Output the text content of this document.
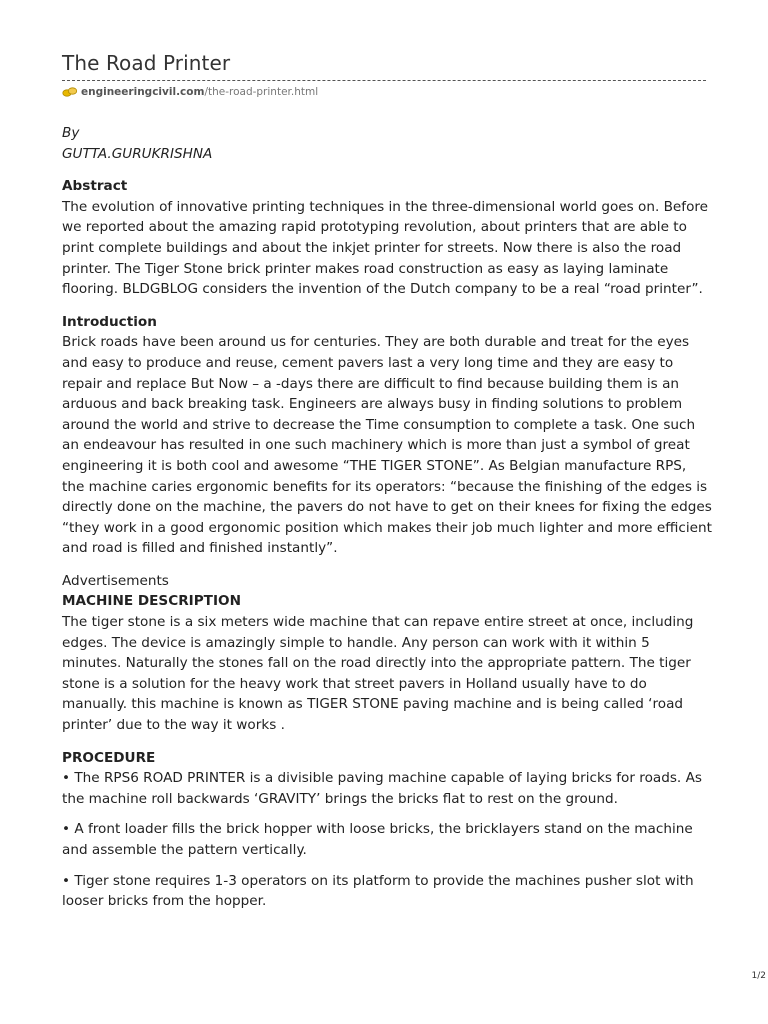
The Road Printer
engineeringcivil.com /the-road-printer.html

By

GUTTA.GURUKRISHNA

Abstract

The evolution of innovative printing techniques in the three-dimensional world goes on. Before we reported about the amazing rapid prototyping revolution, about printers that are able to print complete buildings and about the inkjet printer for streets. Now there is also the road printer. The Tiger Stone brick printer makes road construction as easy as laying laminate flooring. BLDGBLOG considers the invention of the Dutch company to be a real “road printer”.

Introduction

Brick roads have been around us for centuries. They are both durable and treat for the eyes and easy to produce and reuse, cement pavers last a very long time and they are easy to repair and replace But Now – a -days there are difficult to find because building them is an arduous and back breaking task. Engineers are always busy in finding solutions to problem around the world and strive to decrease the Time consumption to complete a task. One such an endeavour has resulted in one such machinery which is more than just a symbol of great engineering it is both cool and awesome “THE TIGER STONE”. As Belgian manufacture RPS, the machine caries ergonomic benefits for its operators: “because the finishing of the edges is directly done on the machine, the pavers do not have to get on their knees for fixing the edges “they work in a good ergonomic position which makes their job much lighter and more efficient and road is filled and finished instantly”.

Advertisements

MACHINE DESCRIPTION

The tiger stone is a six meters wide machine that can repave entire street at once, including edges. The device is amazingly simple to handle. Any person can work with it within 5 minutes. Naturally the stones fall on the road directly into the appropriate pattern. The tiger stone is a solution for the heavy work that street pavers in Holland usually have to do manually. this machine is known as TIGER STONE paving machine and is being called ‘road printer’ due to the way it works .

PROCEDURE

• The RPS6 ROAD PRINTER is a divisible paving machine capable of laying bricks for roads. As the machine roll backwards ‘GRAVITY’ brings the bricks flat to rest on the ground.

• A front loader fills the brick hopper with loose bricks, the bricklayers stand on the machine and assemble the pattern vertically.

• Tiger stone requires 1-3 operators on its platform to provide the machines pusher slot with looser bricks from the hopper.

1/2
